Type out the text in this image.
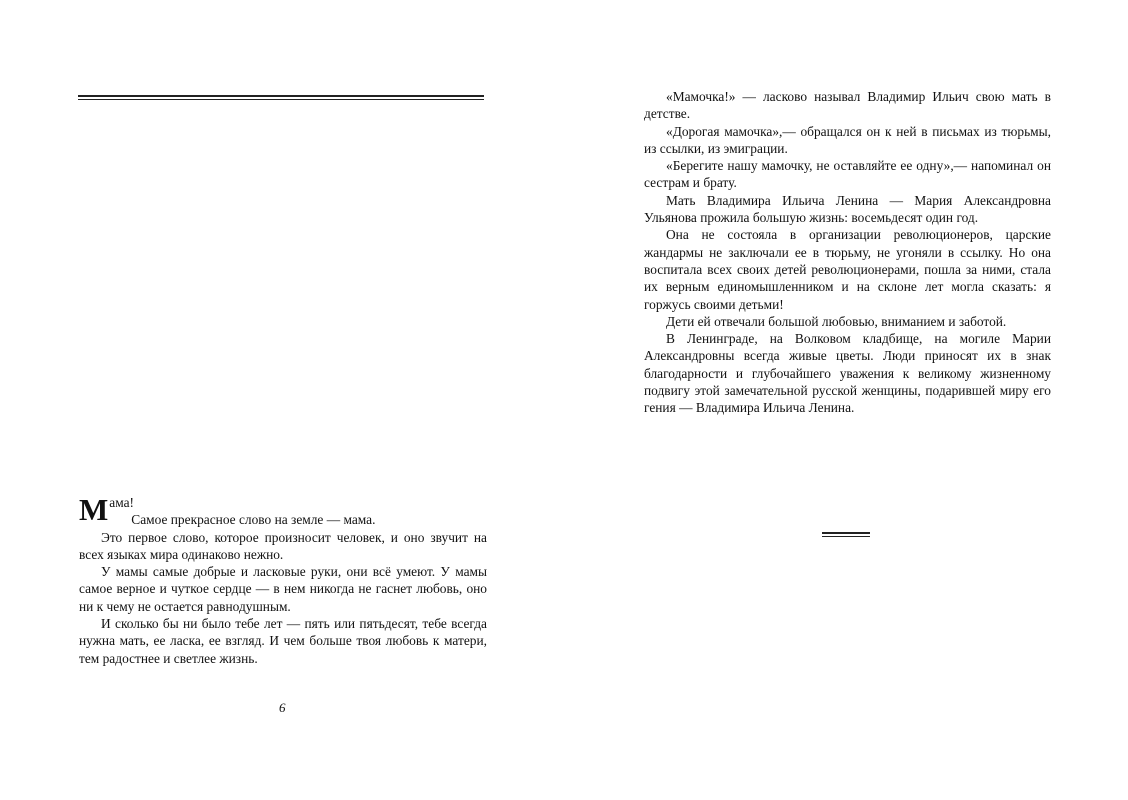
Мама!

Самое прекрасное слово на земле — мама.

Это первое слово, которое произносит человек, и оно звучит на всех языках мира одинаково нежно.

У мамы самые добрые и ласковые руки, они всё умеют. У мамы самое верное и чуткое сердце — в нем никогда не гаснет любовь, оно ни к чему не остается равнодушным.

И сколько бы ни было тебе лет — пять или пятьдесят, тебе всегда нужна мать, ее ласка, ее взгляд. И чем больше твоя любовь к матери, тем радостнее и светлее жизнь.

6

«Мамочка!» — ласково называл Владимир Ильич свою мать в детстве.

«Дорогая мамочка»,— обращался он к ней в письмах из тюрьмы, из ссылки, из эмиграции.

«Берегите нашу мамочку, не оставляйте ее одну»,— напоминал он сестрам и брату.

Мать Владимира Ильича Ленина — Мария Александровна Ульянова прожила большую жизнь: восемьдесят один год.

Она не состояла в организации революционеров, царские жандармы не заключали ее в тюрьму, не угоняли в ссылку. Но она воспитала всех своих детей революционерами, пошла за ними, стала их верным единомышленником и на склоне лет могла сказать: я горжусь своими детьми!

Дети ей отвечали большой любовью, вниманием и заботой.

В Ленинграде, на Волковом кладбище, на могиле Марии Александровны всегда живые цветы. Люди приносят их в знак благодарности и глубочайшего уважения к великому жизненному подвигу этой замечательной русской женщины, подарившей миру его гения — Владимира Ильича Ленина.
